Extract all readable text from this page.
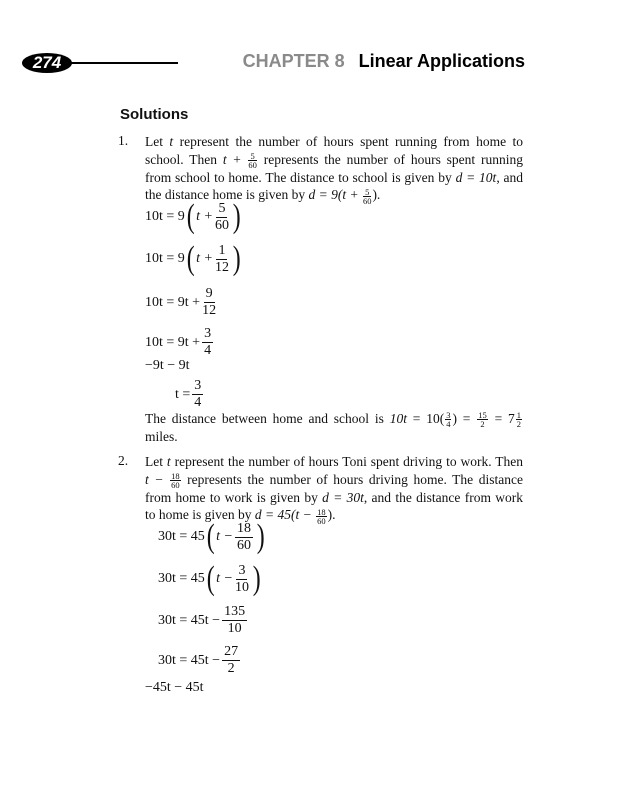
274	CHAPTER 8 Linear Applications
Solutions
1. Let t represent the number of hours spent running from home to school. Then $t + \frac{5}{60}$ represents the number of hours spent running from school to home. The distance to school is given by d = 10t, and the distance home is given by $d = 9(t + \frac{5}{60}$ ).
10t = 9 ( $t + \frac{5}{60}$ )
10t = 9 ( $t + \frac{1}{12}$ )
$10t = 9t + \frac{9}{12}$
$10t = 9t + \frac{3}{4}$
−9t − 9t
$t = \frac{3}{4}$
The distance between home and school is $10t = 10( \frac{3}{4}$ ) = $\frac{15}{2} = 7 \frac{1}{2}$
miles.
2. Let t represent the number of hours Toni spent driving to work. Then $t - \frac{18}{60}$ represents the number of hours driving home. The distance from home to work is given by d = 30t, and the distance from work to home is given by $d = 45(t - \frac{18}{60}$ ).
30t = 45 ( $t - \frac{18}{60}$ )
30t = 45 ( $t - \frac{3}{10}$ )
$30t = 45t - \frac{135}{10}$
$30t = 45t - \frac{27}{2}$
−45t − 45t
